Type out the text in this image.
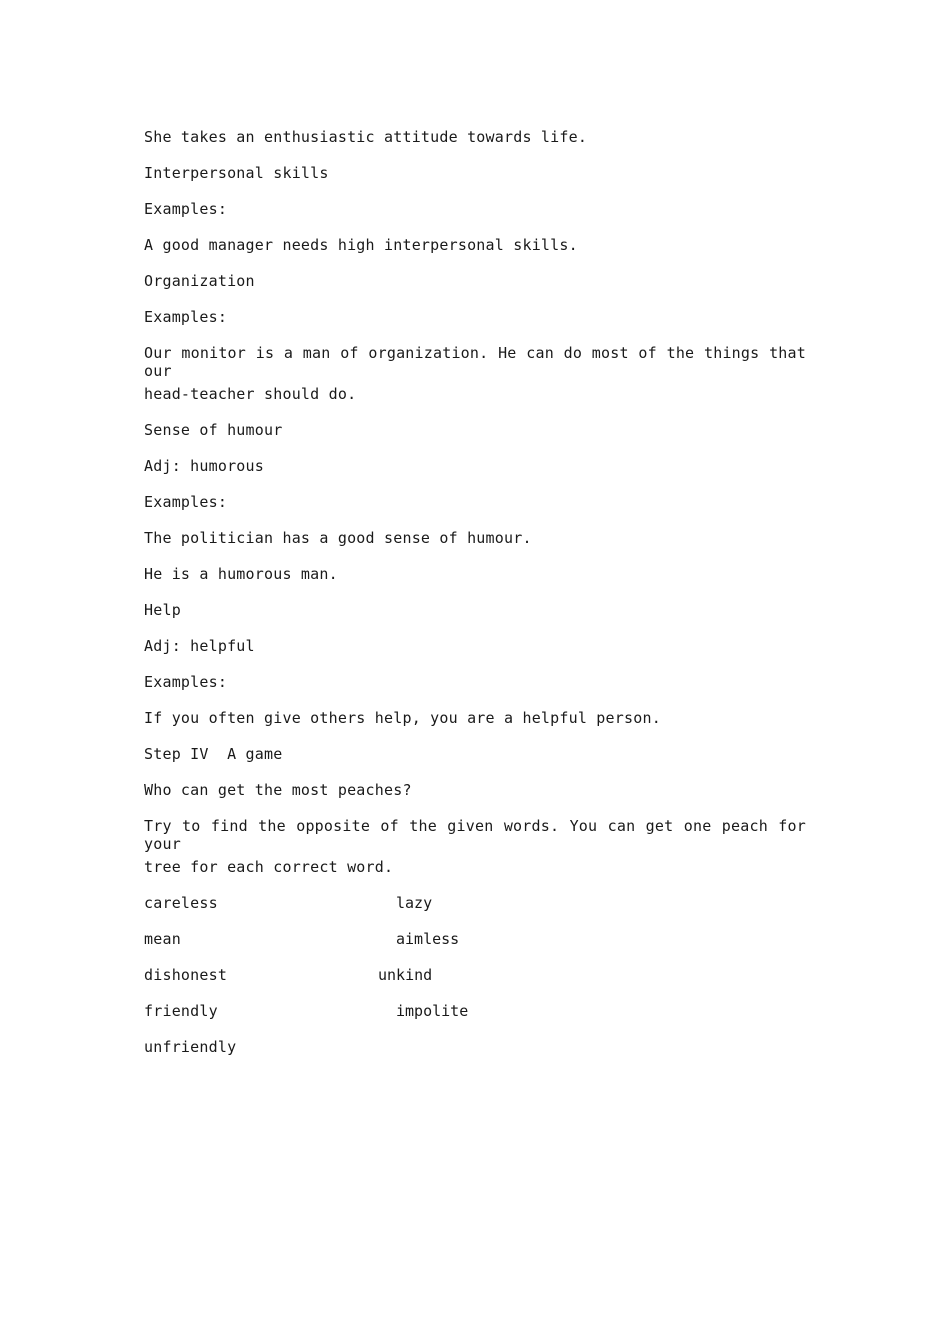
She takes an enthusiastic attitude towards life.
Interpersonal skills
Examples:
A good manager needs high interpersonal skills.
Organization
Examples:
Our monitor is a man of organization. He can do most of the things that our
head-teacher should do.
Sense of humour
Adj: humorous
Examples:
The politician has a good sense of humour.
He is a humorous man.
Help
Adj: helpful
Examples:
If you often give others help, you are a helpful person.
Step IV  A game
Who can get the most peaches?
Try to find the opposite of the given words. You can get one peach for your
tree for each correct word.
careless	lazy
mean	aimless
dishonest	unkind
friendly	impolite
unfriendly
